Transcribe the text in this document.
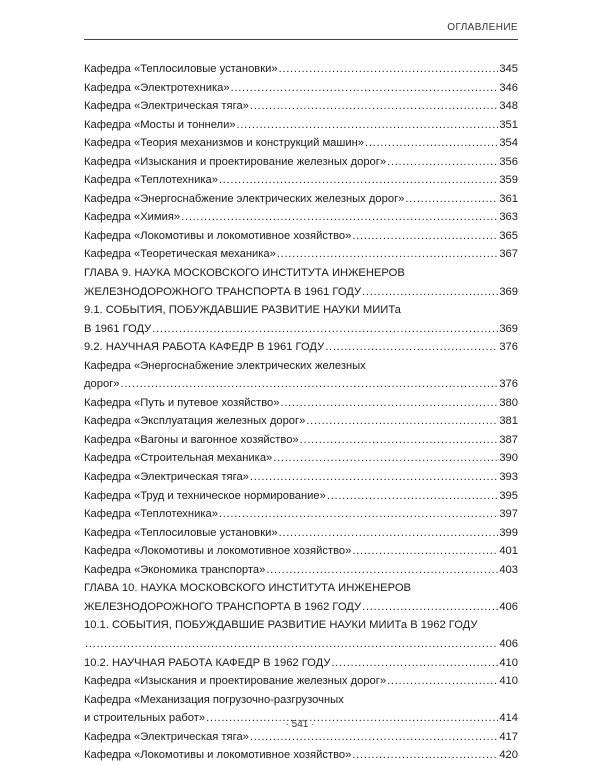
ОГЛАВЛЕНИЕ
Кафедра «Теплосиловые установки» . . .	345
Кафедра «Электротехника» . . .	346
Кафедра «Электрическая тяга» . . .	348
Кафедра «Мосты и тоннели» . . .	351
Кафедра «Теория механизмов и конструкций машин» . . .	354
Кафедра «Изыскания и проектирование железных дорог» . . .	356
Кафедра «Теплотехника» . . .	359
Кафедра «Энергоснабжение электрических железных дорог» . . .	361
Кафедра «Химия» . . .	363
Кафедра «Локомотивы и локомотивное хозяйство» . . .	365
Кафедра «Теоретическая механика» . . .	367
ГЛАВА 9. НАУКА МОСКОВСКОГО ИНСТИТУТА ИНЖЕНЕРОВ
ЖЕЛЕЗНОДОРОЖНОГО ТРАНСПОРТА В 1961 ГОДУ . . .	369
9.1. СОБЫТИЯ, ПОБУЖДАВШИЕ РАЗВИТИЕ НАУКИ МИИТа
В 1961 ГОДУ . . .	369
9.2. НАУЧНАЯ РАБОТА КАФЕДР В 1961 ГОДУ . . .	376
Кафедра «Энергоснабжение электрических железных
дорог» . . .	376
Кафедра «Путь и путевое хозяйство» . . .	380
Кафедра «Эксплуатация железных дорог» . . .	381
Кафедра «Вагоны и вагонное хозяйство» . . .	387
Кафедра «Строительная механика» . . .	390
Кафедра «Электрическая тяга» . . .	393
Кафедра «Труд и техническое нормирование» . . .	395
Кафедра «Теплотехника» . . .	397
Кафедра «Теплосиловые установки» . . .	399
Кафедра «Локомотивы и локомотивное хозяйство» . . .	401
Кафедра «Экономика транспорта» . . .	403
ГЛАВА 10. НАУКА МОСКОВСКОГО ИНСТИТУТА ИНЖЕНЕРОВ
ЖЕЛЕЗНОДОРОЖНОГО ТРАНСПОРТА В 1962 ГОДУ . . .	406
10.1. СОБЫТИЯ, ПОБУЖДАВШИЕ РАЗВИТИЕ НАУКИ МИИТа В 1962 ГОДУ
. . .
406
10.2. НАУЧНАЯ РАБОТА КАФЕДР В 1962 ГОДУ . . .	410
Кафедра «Изыскания и проектирование железных дорог» . . .	410
Кафедра «Механизация погрузочно-разгрузочных
и строительных работ» . . .	414
Кафедра «Электрическая тяга» . . .	417
Кафедра «Локомотивы и локомотивное хозяйство» . . .	420
· 541 ·
